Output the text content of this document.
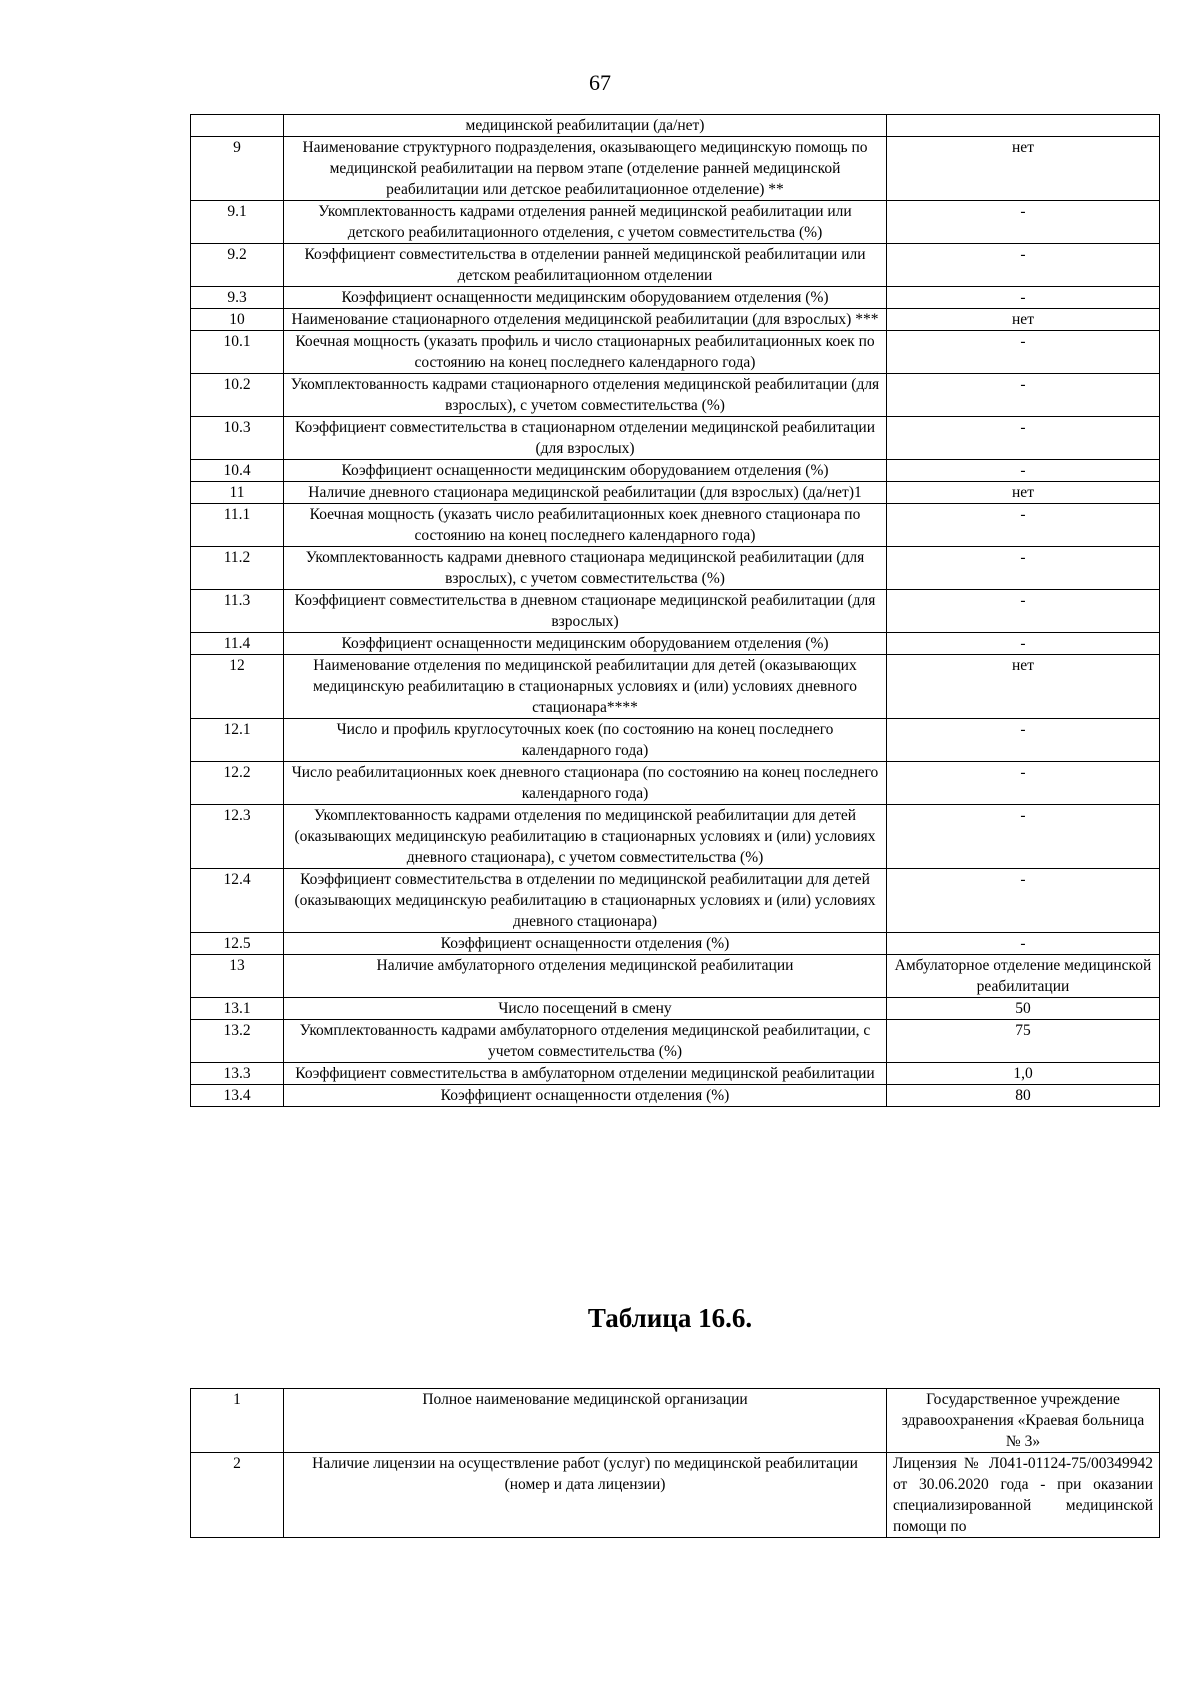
67
	медицинской реабилитации (да/нет)	
9	Наименование структурного подразделения, оказывающего медицинскую помощь по медицинской реабилитации на первом этапе (отделение ранней медицинской реабилитации или детское реабилитационное отделение) **	нет
9.1	Укомплектованность кадрами отделения ранней медицинской реабилитации или детского реабилитационного отделения, с учетом совместительства (%)	-
9.2	Коэффициент совместительства в отделении ранней медицинской реабилитации или детском реабилитационном отделении	-
9.3	Коэффициент оснащенности медицинским оборудованием отделения (%)	-
10	Наименование стационарного отделения медицинской реабилитации (для взрослых) ***	нет
10.1	Коечная мощность (указать профиль и число стационарных реабилитационных коек по состоянию на конец последнего календарного года)	-
10.2	Укомплектованность кадрами стационарного отделения медицинской реабилитации (для взрослых), с учетом совместительства (%)	-
10.3	Коэффициент совместительства в стационарном отделении медицинской реабилитации (для взрослых)	-
10.4	Коэффициент оснащенности медицинским оборудованием отделения (%)	-
11	Наличие дневного стационара медицинской реабилитации (для взрослых) (да/нет)1	нет
11.1	Коечная мощность (указать число реабилитационных коек дневного стационара по состоянию на конец последнего календарного года)	-
11.2	Укомплектованность кадрами дневного стационара медицинской реабилитации (для взрослых), с учетом совместительства (%)	-
11.3	Коэффициент совместительства в дневном стационаре медицинской реабилитации (для взрослых)	-
11.4	Коэффициент оснащенности медицинским оборудованием отделения (%)	-
12	Наименование отделения по медицинской реабилитации для детей (оказывающих медицинскую реабилитацию в стационарных условиях и (или) условиях дневного стационара****	нет
12.1	Число и профиль круглосуточных коек (по состоянию на конец последнего календарного года)	-
12.2	Число реабилитационных коек дневного стационара (по состоянию на конец последнего календарного года)	-
12.3	Укомплектованность кадрами отделения по медицинской реабилитации для детей (оказывающих медицинскую реабилитацию в стационарных условиях и (или) условиях дневного стационара), с учетом совместительства (%)	-
12.4	Коэффициент совместительства в отделении по медицинской реабилитации для детей (оказывающих медицинскую реабилитацию в стационарных условиях и (или) условиях дневного стационара)	-
12.5	Коэффициент оснащенности отделения (%)	-
13	Наличие амбулаторного отделения медицинской реабилитации	Амбулаторное отделение медицинской реабилитации
13.1	Число посещений в смену	50
13.2	Укомплектованность кадрами амбулаторного отделения медицинской реабилитации, с учетом совместительства (%)	75
13.3	Коэффициент совместительства в амбулаторном отделении медицинской реабилитации	1,0
13.4	Коэффициент оснащенности отделения (%)	80
Таблица 16.6.
1	Полное наименование медицинской организации	Государственное учреждение здравоохранения «Краевая больница № 3»
2	Наличие лицензии на осуществление работ (услуг) по медицинской реабилитации (номер и дата лицензии)	Лицензия № Л041-01124-75/00349942 от 30.06.2020 года - при оказании специализированной медицинской помощи по
